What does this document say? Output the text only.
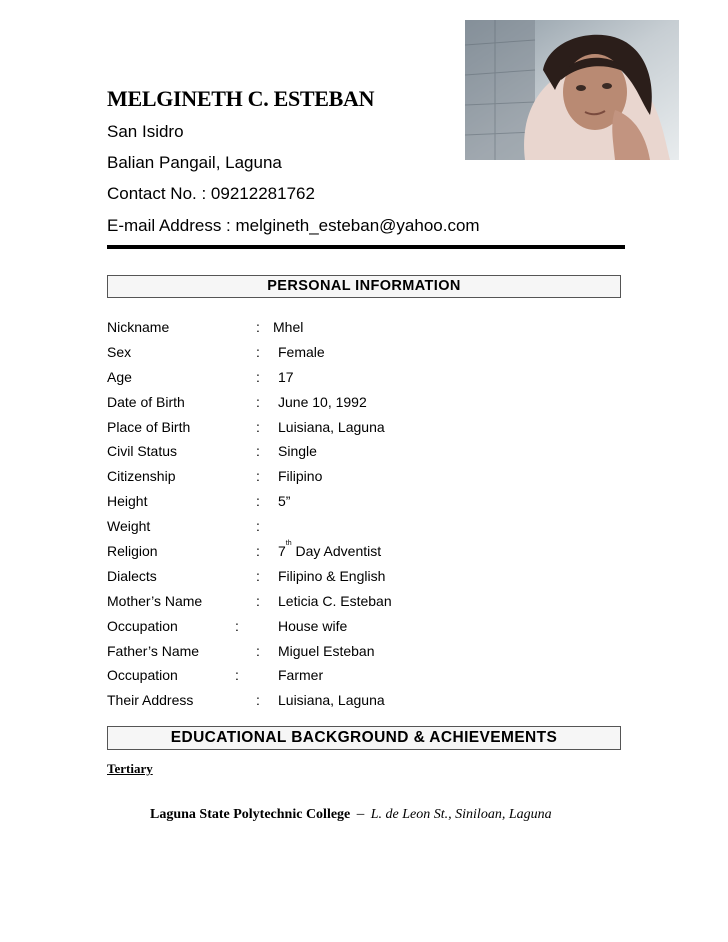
MELGINETH C. ESTEBAN

San Isidro

Balian Pangail, Laguna

Contact No. : 09212281762

E-mail Address : melgineth_esteban@yahoo.com

PERSONAL INFORMATION
Nickname	: Mhel
Sex	: Female
Age	: 17
Date of Birth	: June 10, 1992
Place of Birth	: Luisiana, Laguna
Civil Status	: Single
Citizenship	: Filipino
Height	: 5”
Weight	:
Religion	: 7th Day Adventist
Dialects	: Filipino & English
Mother’s Name	: Leticia C. Esteban
Occupation	:	House wife
Father’s Name	: Miguel Esteban
Occupation	:	Farmer
Their Address	: Luisiana, Laguna
EDUCATIONAL BACKGROUND & ACHIEVEMENTS

Tertiary

Laguna State Polytechnic College – L. de Leon St., Siniloan, Laguna
